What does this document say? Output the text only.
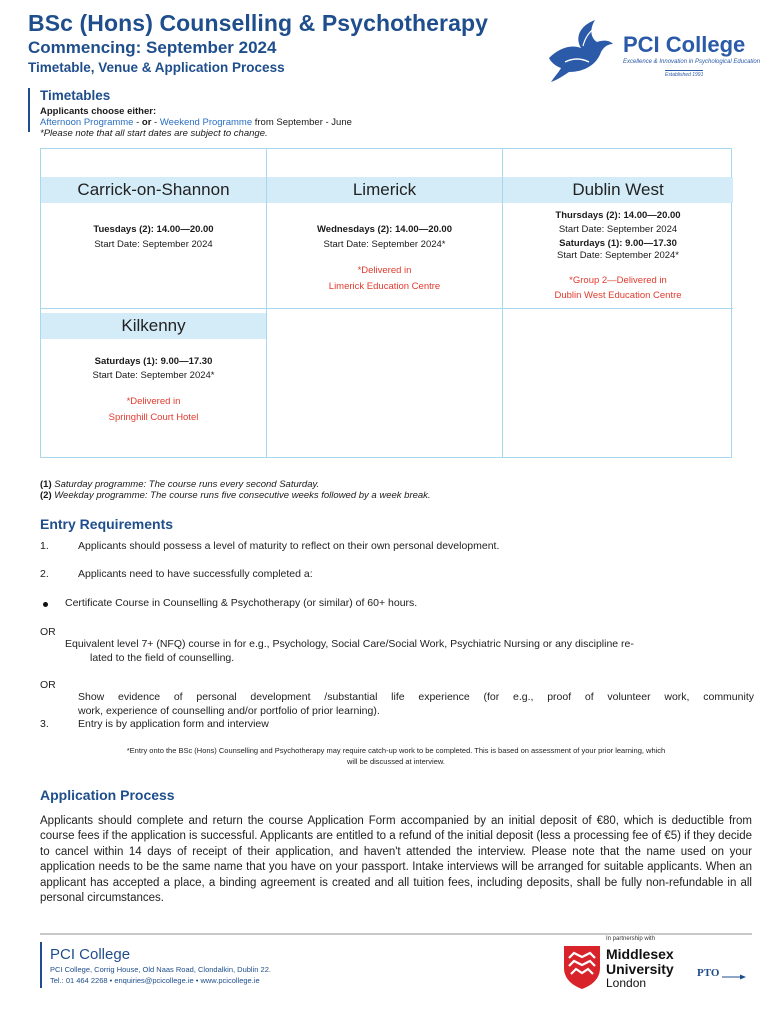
BSc (Hons) Counselling & Psychotherapy
Commencing: September 2024
Timetable, Venue & Application Process
PCI College
Excellence & Innovation in Psychological Education
Established 1991
Timetables
Applicants choose either:
Afternoon Programme - or - Weekend Programme from September - June
*Please note that all start dates are subject to change.
Carrick-on-Shannon
Tuesdays (2): 14.00—20.00
Start Date: September 2024
Limerick
Wednesdays (2): 14.00—20.00
Start Date: September 2024*
*Delivered in
Limerick Education Centre
Dublin West
Thursdays (2): 14.00—20.00
Start Date: September 2024
Saturdays (1): 9.00—17.30
Start Date: September 2024*
*Group 2—Delivered in
Dublin West Education Centre
Kilkenny
Saturdays (1): 9.00—17.30
Start Date: September 2024*
*Delivered in
Springhill Court Hotel
(1) Saturday programme: The course runs every second Saturday.
(2) Weekday programme: The course runs five consecutive weeks followed by a week break.
Entry Requirements
1.	Applicants should possess a level of maturity to reflect on their own personal development.
2.	Applicants need to have successfully completed a:
Certificate Course in Counselling & Psychotherapy (or similar) of 60+ hours.
OR
Equivalent level 7+ (NFQ) course in for e.g., Psychology, Social Care/Social Work, Psychiatric Nursing or any discipline re-
lated to the field of counselling.
OR
Show evidence of personal development /substantial life experience (for e.g., proof of volunteer work, community
work, experience of counselling and/or portfolio of prior learning).
3.	Entry is by application form and interview
*Entry onto the BSc (Hons) Counselling and Psychotherapy may require catch-up work to be completed. This is based on assessment of your prior learning, which
will be discussed at interview.
Application Process
Applicants should complete and return the course Application Form accompanied by an initial deposit of €80, which is deductible from course fees if the application is successful. Applicants are entitled to a refund of the initial deposit (less a processing fee of €5) if they decide to cancel within 14 days of receipt of their application, and haven't attended the interview. Please note that the name used on your application needs to be the same name that you have on your passport. Intake interviews will be arranged for suitable applicants. When an applicant has accepted a place, a binding agreement is created and all tuition fees, including deposits, shall be fully non-refundable in all personal circumstances.
PCI College
PCI College, Corrig House, Old Naas Road, Clondalkin, Dublin 22.
Tel.: 01 464 2268 • enquiries@pcicollege.ie • www.pcicollege.ie
In partnership with
Middlesex
University
London
PTO
